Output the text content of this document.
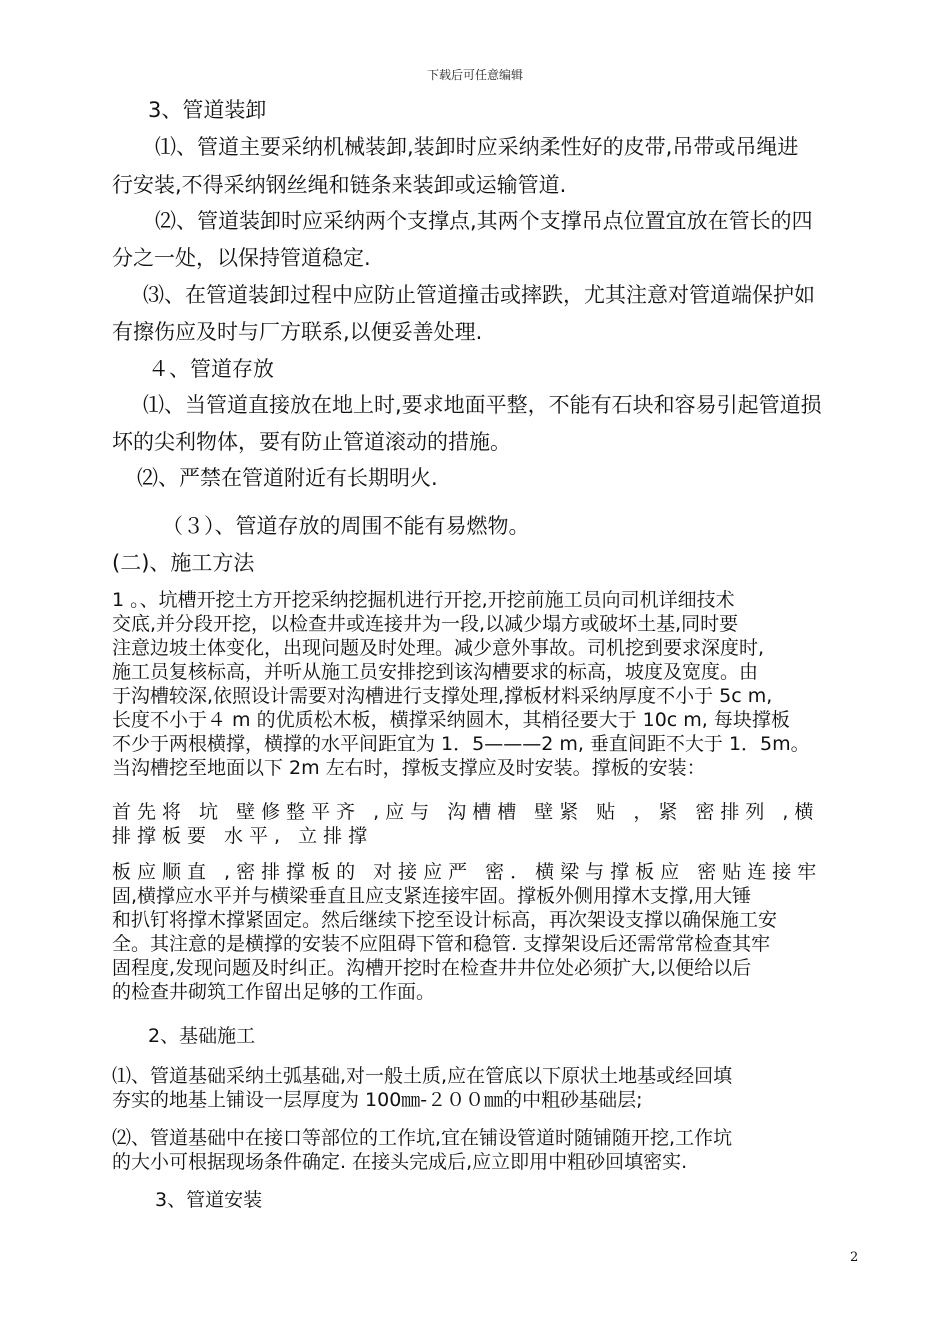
下载后可任意编辑
3、管道装卸
⑴、管道主要采纳机械装卸,装卸时应采纳柔性好的皮带,吊带或吊绳进
行安装,不得采纳钢丝绳和链条来装卸或运输管道.
⑵、管道装卸时应采纳两个支撑点,其两个支撑吊点位置宜放在管长的四
分之一处，以保持管道稳定.
⑶、在管道装卸过程中应防止管道撞击或摔跌，尤其注意对管道端保护如
有擦伤应及时与厂方联系,以便妥善处理.
４、管道存放
⑴、当管道直接放在地上时,要求地面平整，不能有石块和容易引起管道损
坏的尖利物体，要有防止管道滚动的措施。
⑵、严禁在管道附近有长期明火.
（３）、管道存放的周围不能有易燃物。
(二)、施工方法
1 。、坑槽开挖土方开挖采纳挖掘机进行开挖,开挖前施工员向司机详细技术
交底,并分段开挖，以检查井或连接井为一段,以减少塌方或破坏土基,同时要
注意边坡土体变化，出现问题及时处理。减少意外事故。司机挖到要求深度时,
施工员复核标高，并听从施工员安排挖到该沟槽要求的标高，坡度及宽度。由
于沟槽较深,依照设计需要对沟槽进行支撑处理,撑板材料采纳厚度不小于 5c m,
长度不小于４ m 的优质松木板，横撑采纳圆木，其梢径要大于 10c m, 每块撑板
不少于两根横撑，横撑的水平间距宜为 1．5———2 m, 垂直间距不大于 1．5m。
当沟槽挖至地面以下 2m 左右时，撑板支撑应及时安装。撑板的安装：
首先将 坑 壁修整平齐 ,应与 沟槽槽 壁紧 贴 ，紧 密排列 ,横
排撑板要 水平, 立排撑
板应顺直 ,密排撑板的 对接应严 密．横梁与撑板应 密贴连接牢
固,横撑应水平并与横梁垂直且应支紧连接牢固。撑板外侧用撑木支撑,用大锤
和扒钉将撑木撑紧固定。然后继续下挖至设计标高，再次架设支撑以确保施工安
全。其注意的是横撑的安装不应阻碍下管和稳管. 支撑架设后还需常常检查其牢
固程度,发现问题及时纠正。沟槽开挖时在检查井井位处必须扩大,以便给以后
的检查井砌筑工作留出足够的工作面。
2、基础施工
⑴、管道基础采纳土弧基础,对一般土质,应在管底以下原状土地基或经回填
夯实的地基上铺设一层厚度为 100㎜-２００㎜的中粗砂基础层;
⑵、管道基础中在接口等部位的工作坑,宜在铺设管道时随铺随开挖,工作坑
的大小可根据现场条件确定. 在接头完成后,应立即用中粗砂回填密实.
3、管道安装
2
